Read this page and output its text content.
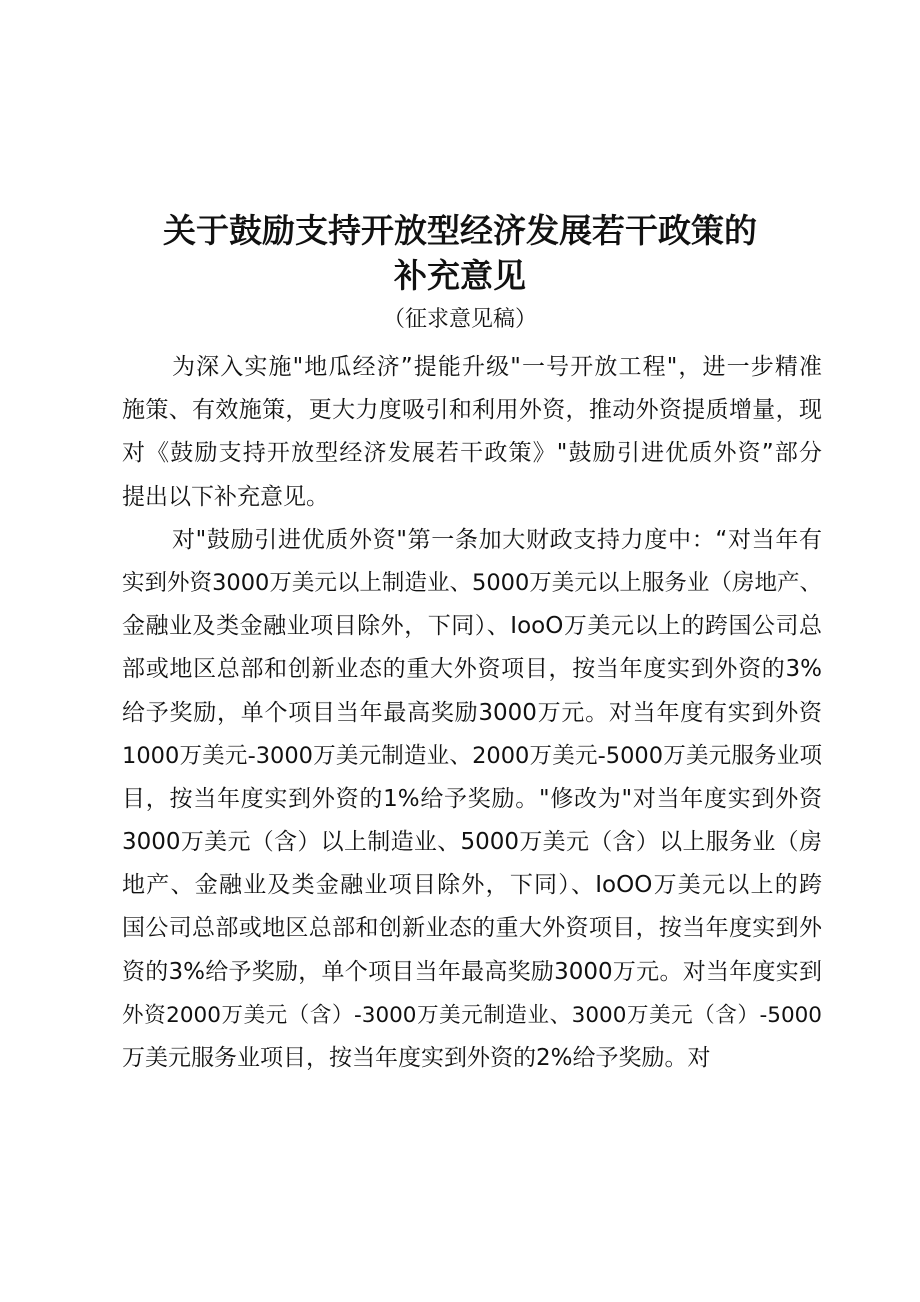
关于鼓励支持开放型经济发展若干政策的
补充意见

（征求意见稿）

为深入实施"地瓜经济”提能升级"一号开放工程"，进一步精准
施策、有效施策，更大力度吸引和利用外资，推动外资提质增量，现
对《鼓励支持开放型经济发展若干政策》"鼓励引进优质外资”部分
提出以下补充意见。
对"鼓励引进优质外资"第一条加大财政支持力度中：“对当年有
实到外资3000万美元以上制造业、5000万美元以上服务业（房地产、
金融业及类金融业项目除外，下同）、IooO万美元以上的跨国公司总
部或地区总部和创新业态的重大外资项目，按当年度实到外资的3%
给予奖励，单个项目当年最高奖励3000万元。对当年度有实到外资
1000万美元-3000万美元制造业、2000万美元-5000万美元服务业项
目，按当年度实到外资的1%给予奖励。"修改为"对当年度实到外资
3000万美元（含）以上制造业、5000万美元（含）以上服务业（房
地产、金融业及类金融业项目除外，下同）、IoOO万美元以上的跨
国公司总部或地区总部和创新业态的重大外资项目，按当年度实到外
资的3%给予奖励，单个项目当年最高奖励3000万元。对当年度实到
外资2000万美元（含）-3000万美元制造业、3000万美元（含）-5000
万美元服务业项目，按当年度实到外资的2%给予奖励。对
